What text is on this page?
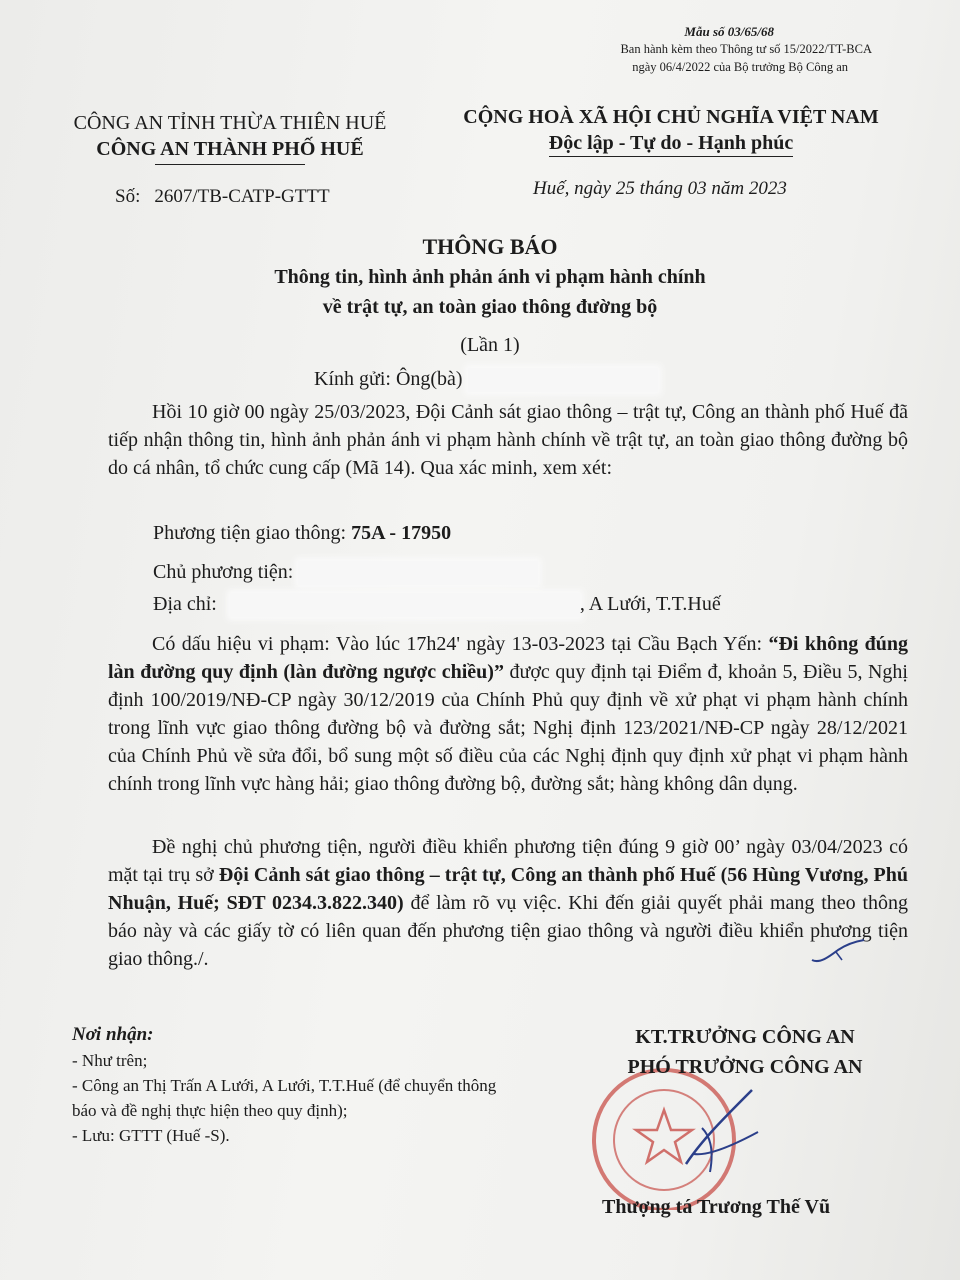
Mẫu số 03/65/68
Ban hành kèm theo Thông tư số 15/2022/TT-BCA
ngày 06/4/2022 của Bộ trưởng Bộ Công an
CÔNG AN TỈNH THỪA THIÊN HUẾ
CÔNG AN THÀNH PHỐ HUẾ
CỘNG HOÀ XÃ HỘI CHỦ NGHĨA VIỆT NAM
Độc lập - Tự do - Hạnh phúc
Số: 2607/TB-CATP-GTTT	Huế, ngày 25 tháng 03 năm 2023
THÔNG BÁO
Thông tin, hình ảnh phản ánh vi phạm hành chính
về trật tự, an toàn giao thông đường bộ
(Lần 1)
Kính gửi: Ông(bà)
Hồi 10 giờ 00 ngày 25/03/2023, Đội Cảnh sát giao thông – trật tự, Công an thành phố Huế đã tiếp nhận thông tin, hình ảnh phản ánh vi phạm hành chính về trật tự, an toàn giao thông đường bộ do cá nhân, tổ chức cung cấp (Mã 14). Qua xác minh, xem xét:
Phương tiện giao thông: 75A - 17950
Chủ phương tiện:
Địa chỉ:	, A Lưới, T.T.Huế
Có dấu hiệu vi phạm: Vào lúc 17h24' ngày 13-03-2023 tại Cầu Bạch Yến: “Đi không đúng làn đường quy định (làn đường ngược chiều)” được quy định tại Điểm đ, khoản 5, Điều 5, Nghị định 100/2019/NĐ-CP ngày 30/12/2019 của Chính Phủ quy định về xử phạt vi phạm hành chính trong lĩnh vực giao thông đường bộ và đường sắt; Nghị định 123/2021/NĐ-CP ngày 28/12/2021 của Chính Phủ về sửa đổi, bổ sung một số điều của các Nghị định quy định xử phạt vi phạm hành chính trong lĩnh vực hàng hải; giao thông đường bộ, đường sắt; hàng không dân dụng.
Đề nghị chủ phương tiện, người điều khiển phương tiện đúng 9 giờ 00’ ngày 03/04/2023 có mặt tại trụ sở Đội Cảnh sát giao thông – trật tự, Công an thành phố Huế (56 Hùng Vương, Phú Nhuận, Huế; SĐT 0234.3.822.340) để làm rõ vụ việc. Khi đến giải quyết phải mang theo thông báo này và các giấy tờ có liên quan đến phương tiện giao thông và người điều khiển phương tiện giao thông./.
Nơi nhận:
- Như trên;
- Công an Thị Trấn A Lưới, A Lưới, T.T.Huế (để chuyển thông báo và đề nghị thực hiện theo quy định);
- Lưu: GTTT (Huế -S).
KT.TRƯỞNG CÔNG AN
PHÓ TRƯỞNG CÔNG AN
Thượng tá Trương Thế Vũ
